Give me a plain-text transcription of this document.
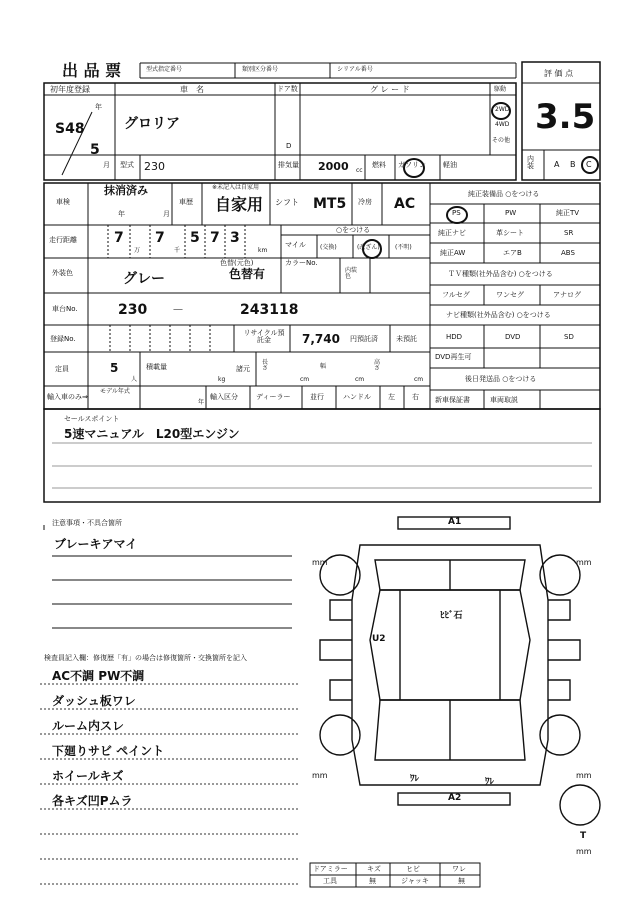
出 品 票	型式指定番号	類別区分番号	シリアル番号	評 価 点
3.5
初年度登録
年
S48
5
月
車　名
グロリア
ドア数
D
グ レ ー ド
型式 230	排気量 2000 cc
燃料 ガソリン 軽油
駆動
2WD
4WD
その他
内装	A B C
車検
抹消済み
年	月
車歴
※未記入は自家用
自家用 シフト MT5 冷房 AC
走行距離	7 7 5 7 3
万	千	km
マイル
○をつける
(交換)	(改ざん)	(不明)
外装色	グレー
色替(元色)
色替有
カラーNo.
内装色
車台No.	230 －	243118
登録No.
リサイクル預託金	7,740 円預託済	未預託
定員	5
人
積載量
kg
諸元
長さ
cm
幅
cm
高さ
cm
輸入車のみ⇒
モデル年式
年
輸入区分	ディーラー	並行	ハンドル 左 右
純正装備品 ○をつける
PS	PW	純正TV
純正ナビ	革シート	SR
純正AW	エアB	ABS
ＴＶ種類(社外品含む) ○をつける
フルセグ	ワンセグ	アナログ
ナビ種類(社外品含む) ○をつける
HDD	DVD	SD
DVD再生可
後日発送品 ○をつける
新車保証書	車両取説
セールスポイント
5速マニュアル　L20型エンジン
注意事項・不具合箇所
ブレーキアマイ
検査員記入欄：修復歴「有」の場合は修復箇所・交換箇所を記入
AC不調 PW不調
ダッシュ板ワレ
ルーム内スレ
下廻りサビ ペイント
ホイールキズ
各キズ凹Pムラ
A1
A2
U2
ﾋﾋﾞ石
ﾜﾚ	ﾜﾚ
mm	mm
mm	mm
mm
T
ドアミラー	キズ	ヒビ	ワレ
工具	無	ジャッキ	無
